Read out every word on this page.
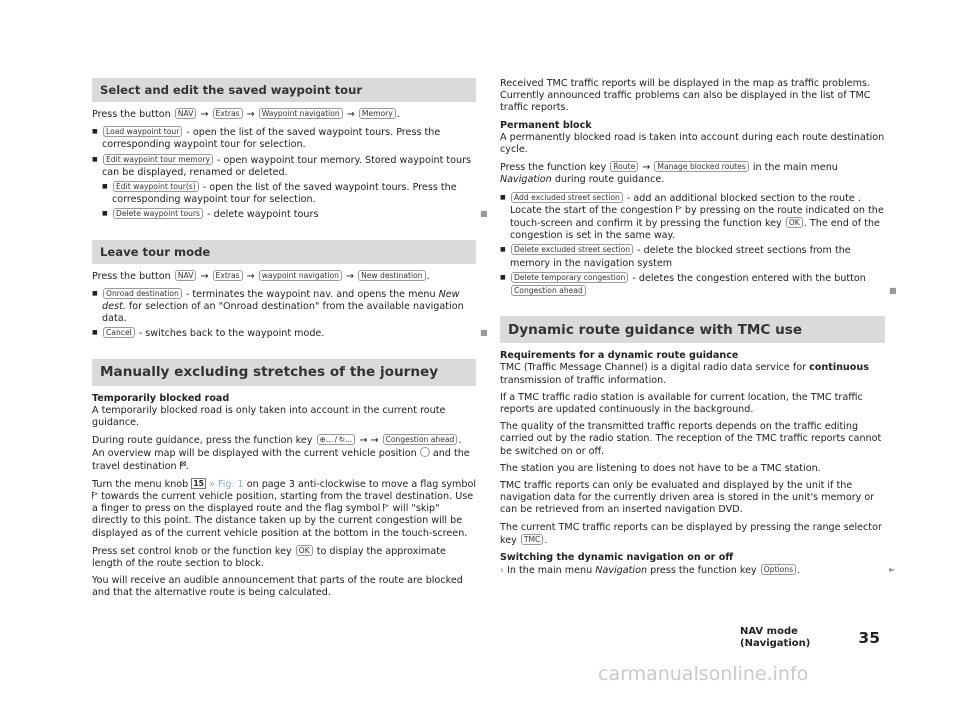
Select and edit the saved waypoint tour

Press the button NAV → Extras → Waypoint navigation → Memory .

■ Load waypoint tour - open the list of the saved waypoint tours. Press the corresponding waypoint tour for selection.
■ Edit waypoint tour memory - open waypoint tour memory. Stored waypoint tours can be displayed, renamed or deleted.
■ Edit waypoint tour(s) - open the list of the saved waypoint tours. Press the corresponding waypoint tour for selection.
■ Delete waypoint tours - delete waypoint tours	■
Leave tour mode

Press the button NAV → Extras → waypoint navigation → New destination .

■ Onroad destination - terminates the waypoint nav. and opens the menu New dest. for selection of an "Onroad destination" from the available navigation data.
■ Cancel - switches back to the waypoint mode.	■
Manually excluding stretches of the journey

Temporarily blocked road

A temporarily blocked road is only taken into account in the current route guidance.

During route guidance, press the function key ⊕... / ↻... → → Congestion ahead . An overview map will be displayed with the current vehicle position and the travel destination .

Turn the menu knob 15 » Fig. 1 on page 3 anti-clockwise to move a flag symbol  towards the current vehicle position, starting from the travel destination. Use a finger to press on the displayed route and the flag symbol will "skip" directly to this point. The distance taken up by the current congestion will be displayed as of the current vehicle position at the bottom in the touch-screen.

Press set control knob or the function key OK to display the approximate length of the route section to block.

You will receive an audible announcement that parts of the route are blocked and that the alternative route is being calculated.

Received TMC traffic reports will be displayed in the map as traffic problems. Currently announced traffic problems can also be displayed in the list of TMC traffic reports.

Permanent block

A permanently blocked road is taken into account during each route destination cycle.

Press the function key Route → Manage blocked routes in the main menu Navigation during route guidance.

■ Add excluded street section - add an additional blocked section to the route . Locate the start of the congestion by pressing on the route indicated on the touch-screen and confirm it by pressing the function key OK . The end of the congestion is set in the same way.
■ Delete excluded street section - delete the blocked street sections from the memory in the navigation system
■ Delete temporary congestion - deletes the congestion entered with the button Congestion ahead	■
Dynamic route guidance with TMC use

Requirements for a dynamic route guidance

TMC (Traffic Message Channel) is a digital radio data service for continuous transmission of traffic information.

If a TMC traffic radio station is available for current location, the TMC traffic reports are updated continuously in the background.

The quality of the transmitted traffic reports depends on the traffic editing carried out by the radio station. The reception of the TMC traffic reports cannot be switched on or off.

The station you are listening to does not have to be a TMC station.

TMC traffic reports can only be evaluated and displayed by the unit if the navigation data for the currently driven area is stored in the unit's memory or can be retrieved from an inserted navigation DVD.

The current TMC traffic reports can be displayed by pressing the range selector key TMC .

Switching the dynamic navigation on or off

› In the main menu Navigation press the function key Options .	►

NAV mode (Navigation)	35
carmanualsonline.info
